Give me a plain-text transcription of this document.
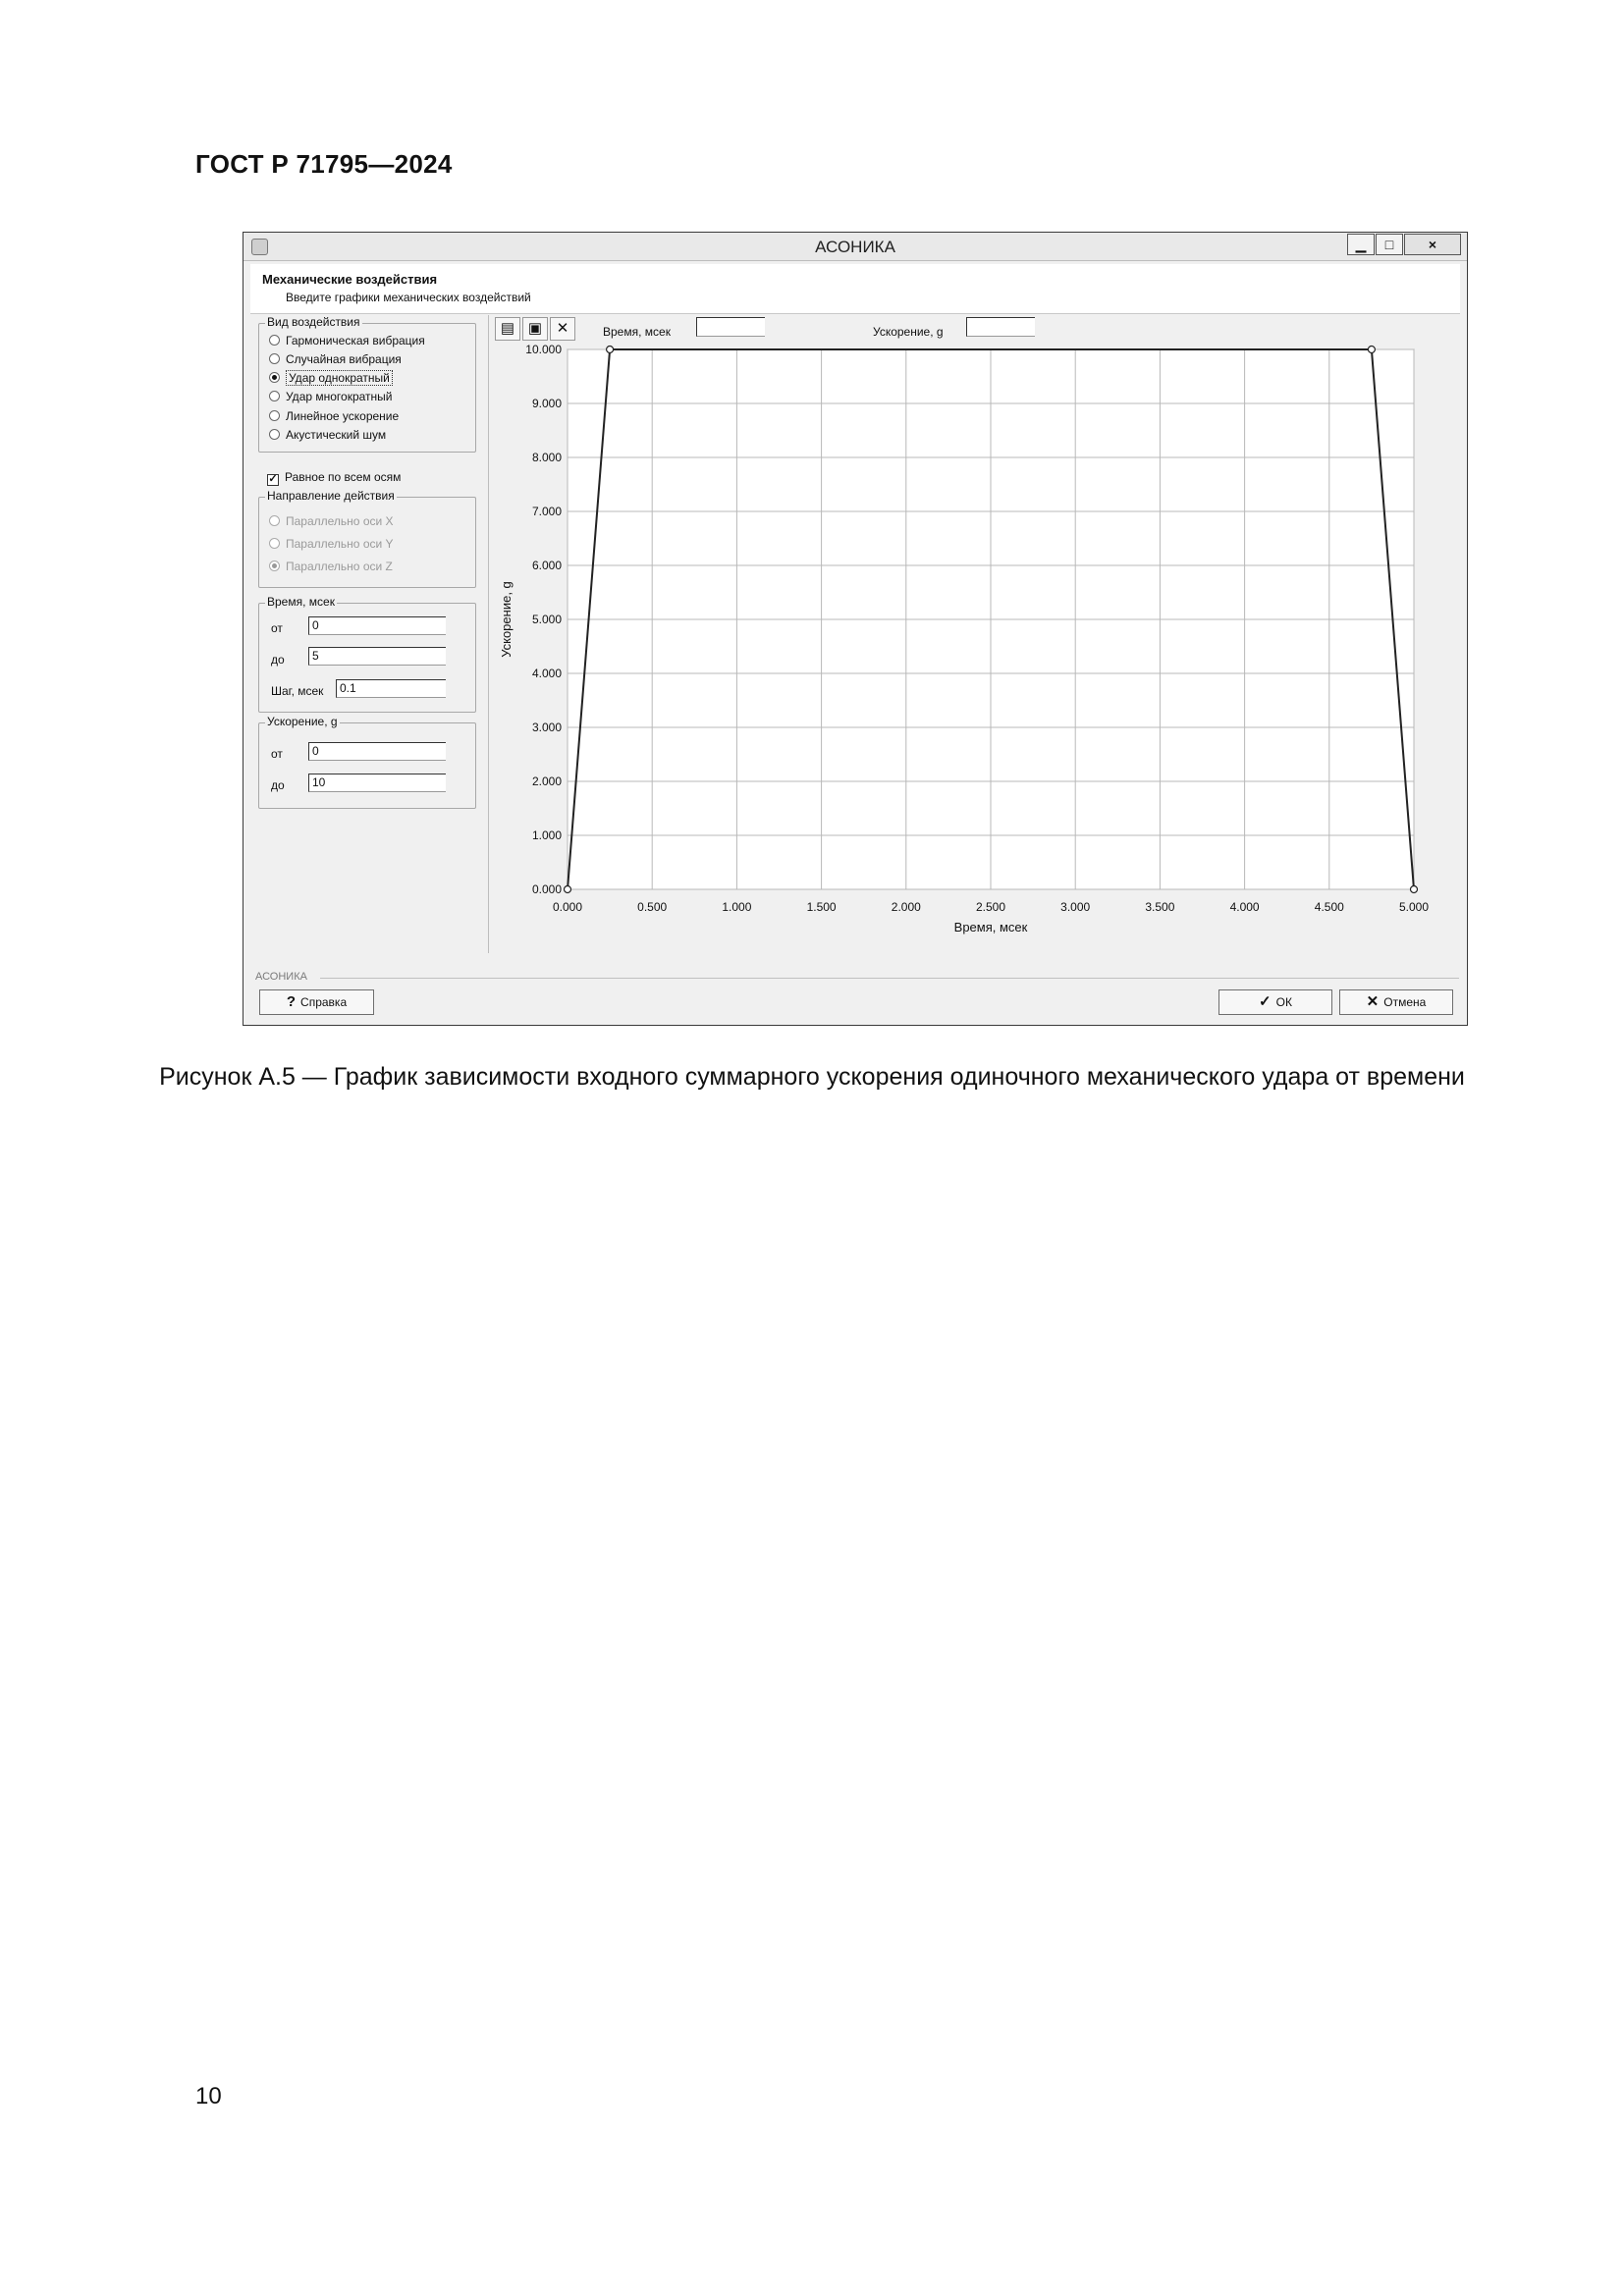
ГОСТ Р 71795—2024
АСОНИКА	▁	□	×
Механические воздействия
Введите графики механических воздействий
Вид воздействия
Гармоническая вибрация
Случайная вибрация
Удар однократный
Удар многократный
Линейное ускорение
Акустический шум
✓ Равное по всем осям
Направление действия
Параллельно оси X
Параллельно оси Y
Параллельно оси Z
Время, мсек
от	0
до	5
Шаг, мсек	0.1
Ускорение, g
от	0
до	10
▤ ▣ ✕	Время, мсек	Ускорение, g
0.000
1.000
2.000
3.000
4.000
5.000
6.000
7.000
8.000
9.000
10.000
0.000	0.500	1.000	1.500	2.000	2.500	3.000	3.500	4.000	4.500	5.000
Время, мсек
Ускорение, g
АСОНИКА
? Справка	✓ ОК	✕ Отмена
Рисунок А.5 — График зависимости входного суммарного ускорения одиночного механического удара от времени
10
